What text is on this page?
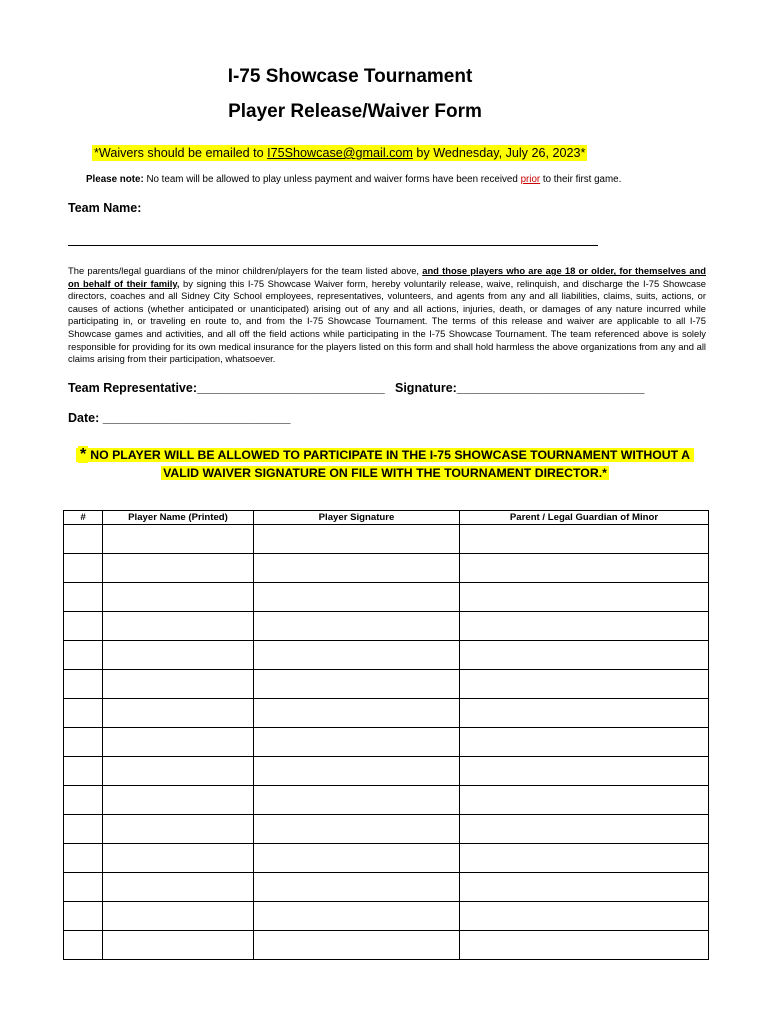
I-75 Showcase Tournament
Player Release/Waiver Form
*Waivers should be emailed to I75Showcase@gmail.com by Wednesday, July 26, 2023*
Please note: No team will be allowed to play unless payment and waiver forms have been received prior to their first game.
Team Name:
The parents/legal guardians of the minor children/players for the team listed above, and those players who are age 18 or older, for themselves and on behalf of their family, by signing this I-75 Showcase Waiver form, hereby voluntarily release, waive, relinquish, and discharge the I-75 Showcase directors, coaches and all Sidney City School employees, representatives, volunteers, and agents from any and all liabilities, claims, suits, actions, or causes of actions (whether anticipated or unanticipated) arising out of any and all actions, injuries, death, or damages of any nature incurred while participating in, or traveling en route to, and from the I-75 Showcase Tournament. The terms of this release and waiver are applicable to all I-75 Showcase games and activities, and all off the field actions while participating in the I-75 Showcase Tournament. The team referenced above is solely responsible for providing for its own medical insurance for the players listed on this form and shall hold harmless the above organizations from any and all claims arising from their participation, whatsoever.
Team Representative:___________________________ Signature:___________________________
Date: ___________________________
* NO PLAYER WILL BE ALLOWED TO PARTICIPATE IN THE I-75 SHOWCASE TOURNAMENT WITHOUT A
VALID WAIVER SIGNATURE ON FILE WITH THE TOURNAMENT DIRECTOR.*
#	Player Name (Printed)	Player Signature	Parent / Legal Guardian of Minor
